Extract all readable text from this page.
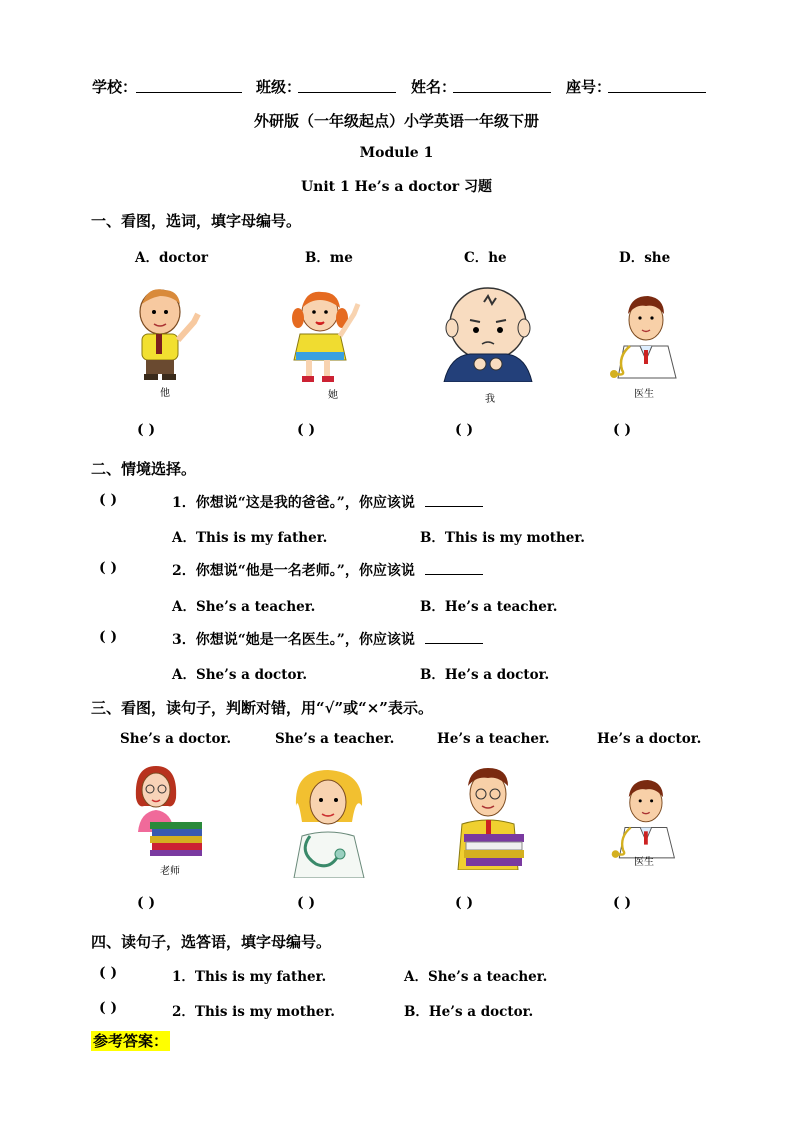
学校：	班级：	姓名：	座号：
外研版（一年级起点）小学英语一年级下册
Module 1
Unit 1 He’s a doctor 习题
一、看图，选词，填字母编号。
A．doctor	B．me	C．he	D．she
他	她	我	医生
( )	( )	( )	( )
二、情境选择。
( )	1．你想说“这是我的爸爸。”，你应该说
A．This is my father.	B．This is my mother.
( )	2．你想说“他是一名老师。”，你应该说
A．She’s a teacher.	B．He’s a teacher.
( )	3．你想说“她是一名医生。”，你应该说
A．She’s a doctor.	B．He’s a doctor.
三、看图，读句子，判断对错，用“√”或“×”表示。
She’s a doctor.	She’s a teacher.	He’s a teacher.	He’s a doctor.
老师
医生
( )	( )	( )	( )
四、读句子，选答语，填字母编号。
( )	1．This is my father.	A．She’s a teacher.
( )	2．This is my mother.	B．He’s a doctor.
参考答案：
